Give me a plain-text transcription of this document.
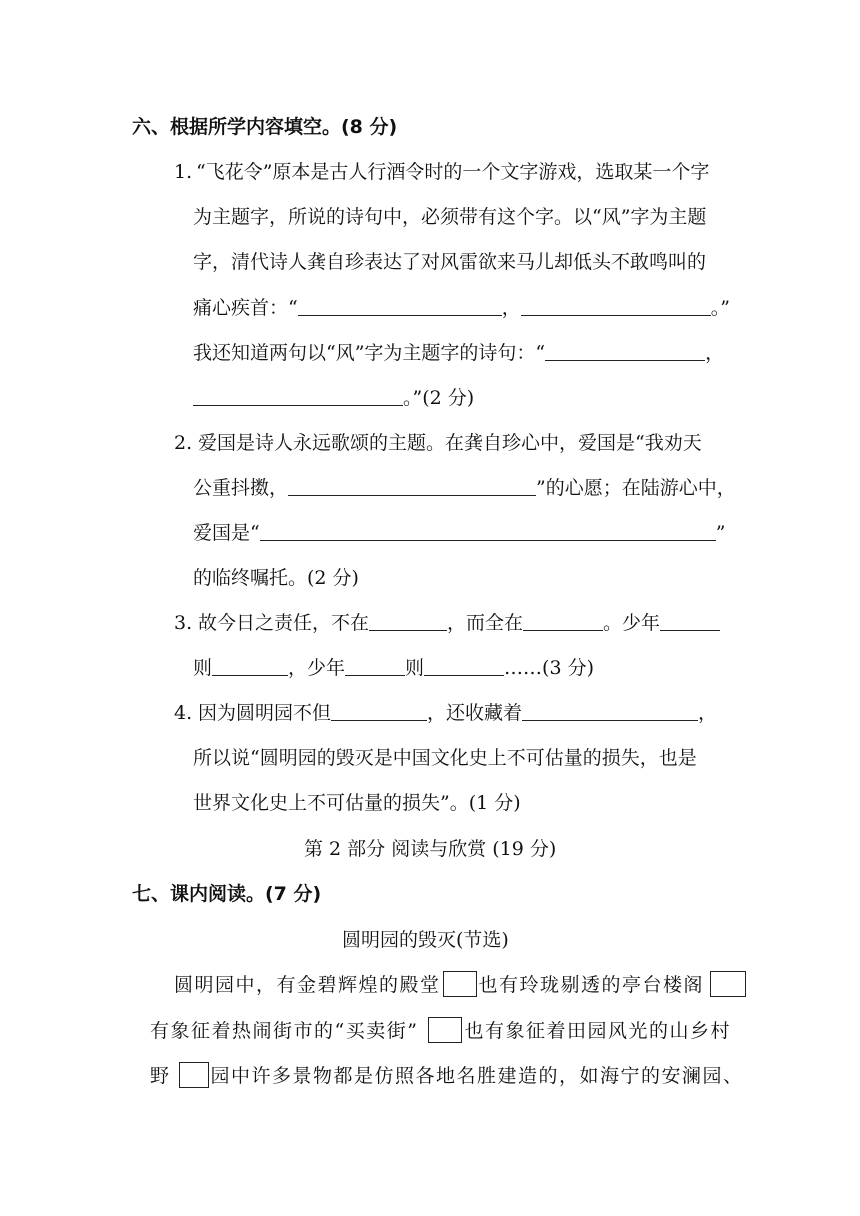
六、根据所学内容填空。(8 分)
1. “飞花令”原本是古人行酒令时的一个文字游戏，选取某一个字
为主题字，所说的诗句中，必须带有这个字。以“风”字为主题
字，清代诗人龚自珍表达了对风雷欲来马儿却低头不敢鸣叫的
痛心疾首：“	，	。”
我还知道两句以“风”字为主题字的诗句：“	，
。”(2 分)
2. 爱国是诗人永远歌颂的主题。在龚自珍心中，爱国是“我劝天
公重抖擞，	”的心愿；在陆游心中，
爱国是“	”
的临终嘱托。(2 分)
3. 故今日之责任，不在	，而全在	。少年
则	，少年	则	……(3 分)
4. 因为圆明园不但	，还收藏着	，
所以说“圆明园的毁灭是中国文化史上不可估量的损失，也是
世界文化史上不可估量的损失”。(1 分)
第 2 部分 阅读与欣赏 (19 分)
七、课内阅读。(7 分)
圆明园的毁灭(节选)
圆明园中，有金碧辉煌的殿堂 也有玲珑剔透的亭台楼阁
有象征着热闹街市的“买卖街” 也有象征着田园风光的山乡村
野 园中许多景物都是仿照各地名胜建造的，如海宁的安澜园、
